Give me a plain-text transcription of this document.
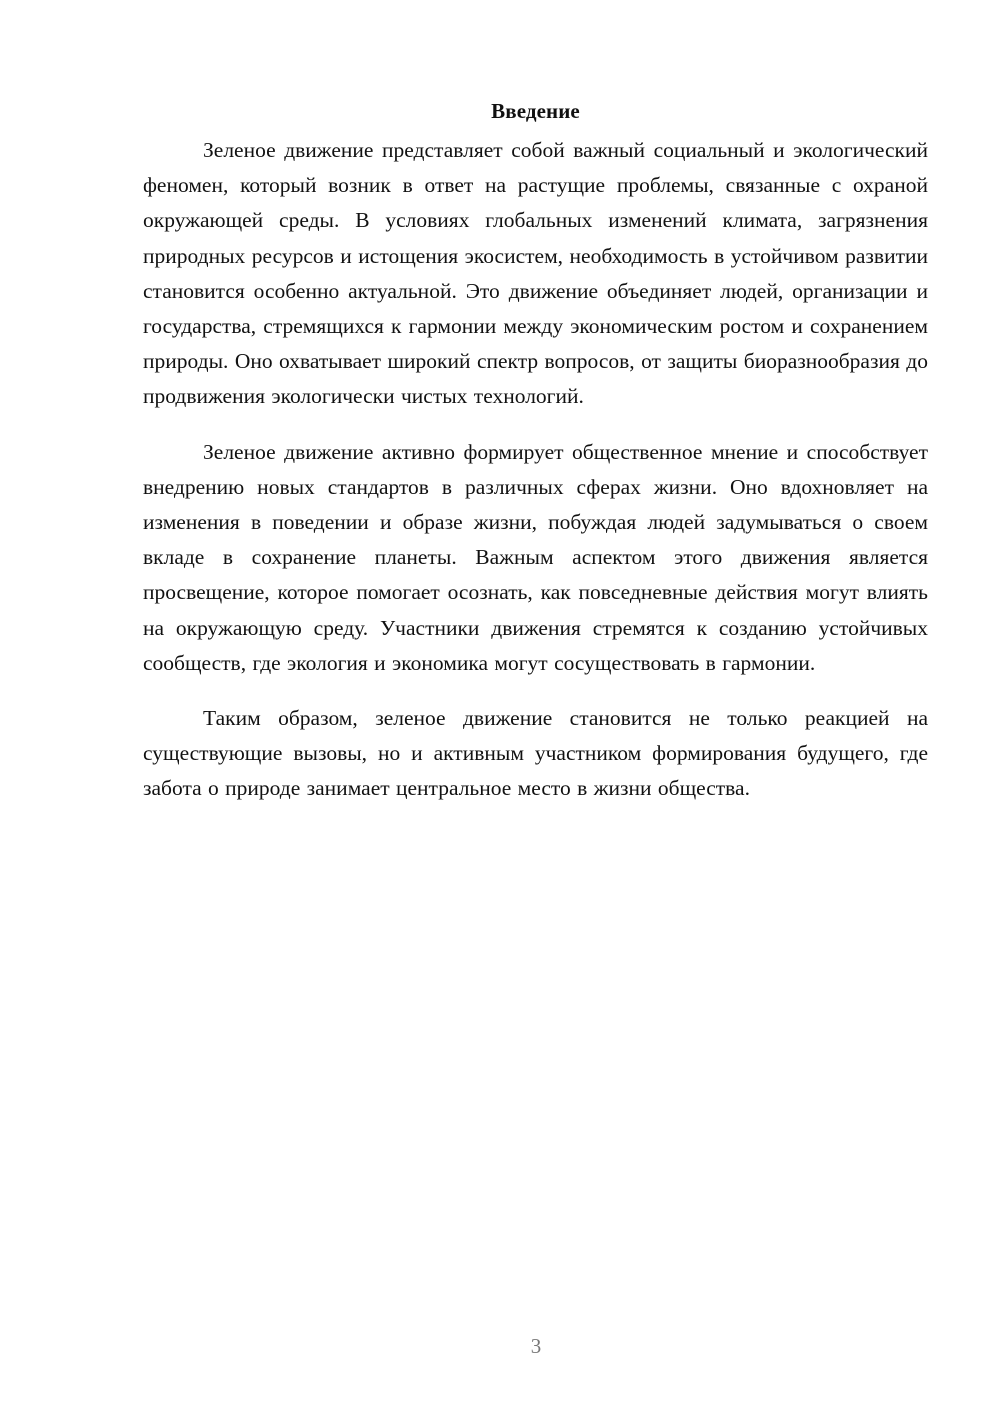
Введение

Зеленое движение представляет собой важный социальный и экологический феномен, который возник в ответ на растущие проблемы, связанные с охраной окружающей среды. В условиях глобальных изменений климата, загрязнения природных ресурсов и истощения экосистем, необходимость в устойчивом развитии становится особенно актуальной. Это движение объединяет людей, организации и государства, стремящихся к гармонии между экономическим ростом и сохранением природы. Оно охватывает широкий спектр вопросов, от защиты биоразнообразия до продвижения экологически чистых технологий.

Зеленое движение активно формирует общественное мнение и способствует внедрению новых стандартов в различных сферах жизни. Оно вдохновляет на изменения в поведении и образе жизни, побуждая людей задумываться о своем вкладе в сохранение планеты. Важным аспектом этого движения является просвещение, которое помогает осознать, как повседневные действия могут влиять на окружающую среду. Участники движения стремятся к созданию устойчивых сообществ, где экология и экономика могут сосуществовать в гармонии.

Таким образом, зеленое движение становится не только реакцией на существующие вызовы, но и активным участником формирования будущего, где забота о природе занимает центральное место в жизни общества.

3
